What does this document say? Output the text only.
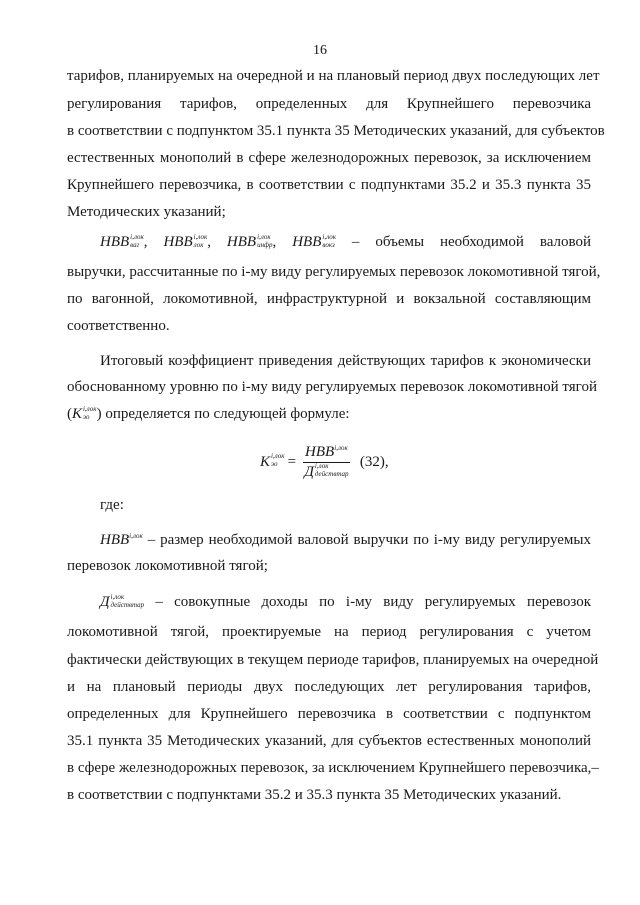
16
тарифов, планируемых на очередной и на плановый период двух последующих лет
регулирования тарифов, определенных для Крупнейшего перевозчика
в соответствии с подпунктом 35.1 пункта 35 Методических указаний, для субъектов
естественных монополий в сфере железнодорожных перевозок, за исключением
Крупнейшего перевозчика, в соответствии с подпунктами 35.2 и 35.3 пункта 35
Методических указаний;
НВВ i,лок
ваг , НВВ i,лок
лок , НВВ i,лок
инфр , НВВ i,лок
вокз – объемы необходимой валовой
выручки, рассчитанные по i-му виду регулируемых перевозок локомотивной тягой,
по вагонной, локомотивной, инфраструктурной и вокзальной составляющим
соответственно.
Итоговый коэффициент приведения действующих тарифов к экономически
обоснованному уровню по i-му виду регулируемых перевозок локомотивной тягой
(К i,лок
эо ) определяется по следующей формуле:
К i,лок
эо = $НВВ^{i,лок}$
Д i,лок
действтар (32),
где:
$НВВ^{i,лок}$ – размер необходимой валовой выручки по i-му виду регулируемых
перевозок локомотивной тягой;
Д i,лок
действтар – совокупные доходы по i-му виду регулируемых перевозок
локомотивной тягой, проектируемые на период регулирования с учетом
фактически действующих в текущем периоде тарифов, планируемых на очередной
и на плановый периоды двух последующих лет регулирования тарифов,
определенных для Крупнейшего перевозчика в соответствии с подпунктом
35.1 пункта 35 Методических указаний, для субъектов естественных монополий
в сфере железнодорожных перевозок, за исключением Крупнейшего перевозчика,–
в соответствии с подпунктами 35.2 и 35.3 пункта 35 Методических указаний.
